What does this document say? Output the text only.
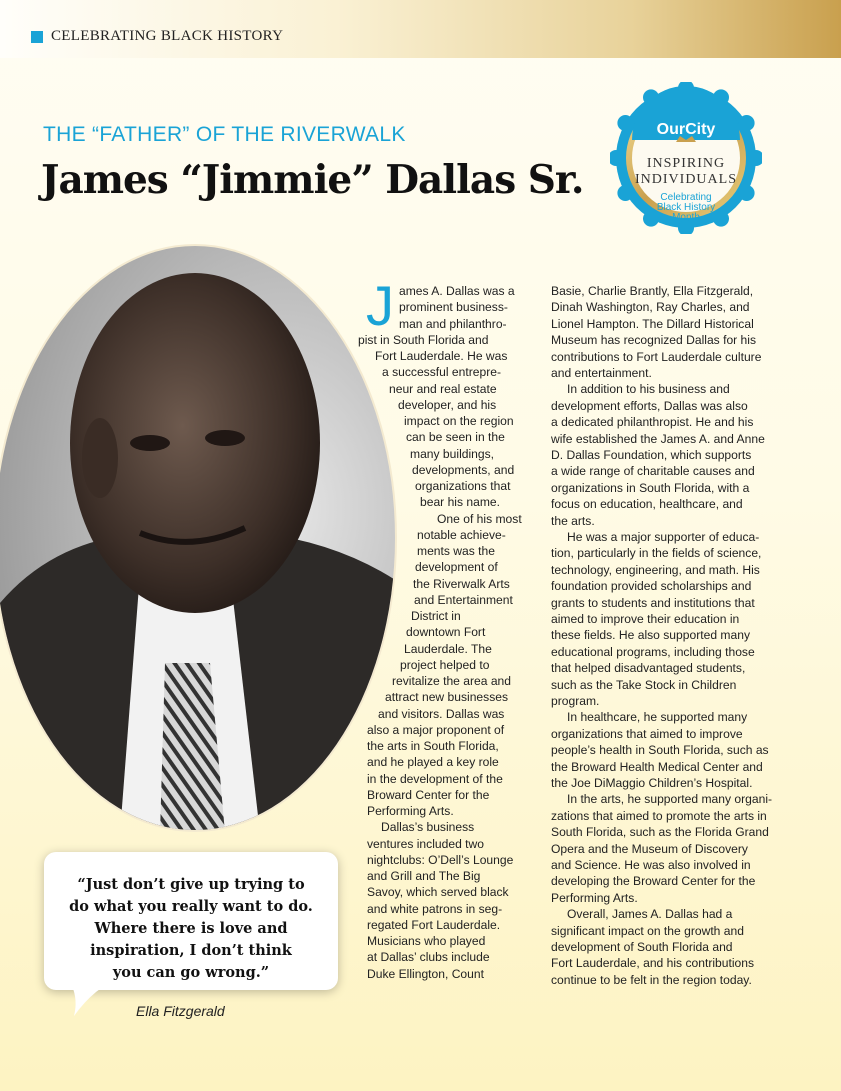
CELEBRATING BLACK HISTORY
THE “FATHER” OF THE RIVERWALK
James “Jimmie” Dallas Sr.
OurCity
INSPIRING
INDIVIDUALS
Celebrating Black History Month
“Just don’t give up trying to
do what you really want to do.
Where there is love and
inspiration, I don’t think
you can go wrong.”
Ella Fitzgerald
J ames A. Dallas was a
prominent business-
man and philanthro-
pist in South Florida and
Fort Lauderdale. He was
a successful entrepre-
neur and real estate
developer, and his
impact on the region
can be seen in the
many buildings,
developments, and
organizations that
bear his name.
One of his most
notable achieve-
ments was the
development of
the Riverwalk Arts
and Entertainment
District in
downtown Fort
Lauderdale. The
project helped to
revitalize the area and
attract new businesses
and visitors. Dallas was
also a major proponent of
the arts in South Florida,
and he played a key role
in the development of the
Broward Center for the
Performing Arts.
Dallas’s business
ventures included two
nightclubs: O’Dell’s Lounge
and Grill and The Big
Savoy, which served black
and white patrons in seg-
regated Fort Lauderdale.
Musicians who played
at Dallas’ clubs include
Duke Ellington, Count
Basie, Charlie Brantly, Ella Fitzgerald,
Dinah Washington, Ray Charles, and
Lionel Hampton. The Dillard Historical
Museum has recognized Dallas for his
contributions to Fort Lauderdale culture
and entertainment.
In addition to his business and
development efforts, Dallas was also
a dedicated philanthropist. He and his
wife established the James A. and Anne
D. Dallas Foundation, which supports
a wide range of charitable causes and
organizations in South Florida, with a
focus on education, healthcare, and
the arts.
He was a major supporter of educa-
tion, particularly in the fields of science,
technology, engineering, and math. His
foundation provided scholarships and
grants to students and institutions that
aimed to improve their education in
these fields. He also supported many
educational programs, including those
that helped disadvantaged students,
such as the Take Stock in Children
program.
In healthcare, he supported many
organizations that aimed to improve
people’s health in South Florida, such as
the Broward Health Medical Center and
the Joe DiMaggio Children’s Hospital.
In the arts, he supported many organi-
zations that aimed to promote the arts in
South Florida, such as the Florida Grand
Opera and the Museum of Discovery
and Science. He was also involved in
developing the Broward Center for the
Performing Arts.
Overall, James A. Dallas had a
significant impact on the growth and
development of South Florida and
Fort Lauderdale, and his contributions
continue to be felt in the region today.
